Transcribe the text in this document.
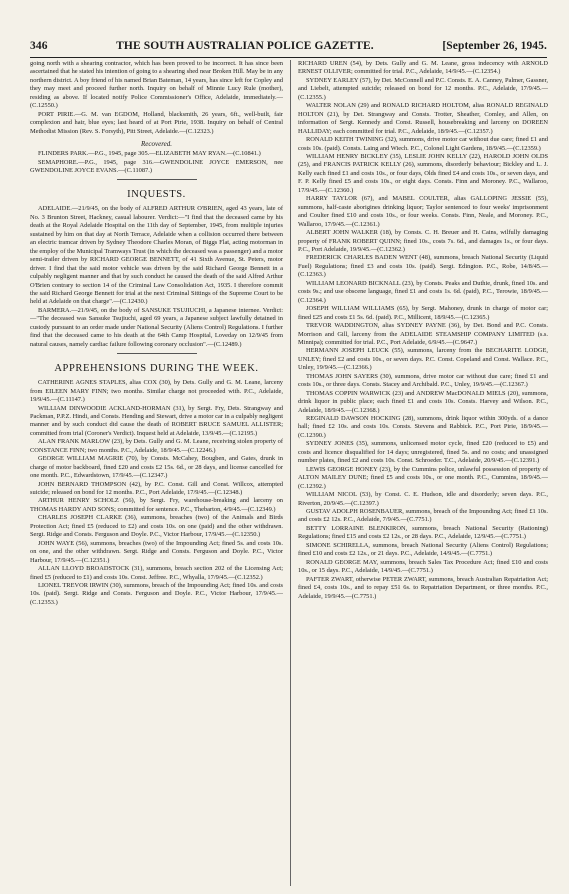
346	THE SOUTH AUSTRALIAN POLICE GAZETTE.	[September 26, 1945.

going north with a shearing contractor, which has been proved to be incorrect. It has since been ascertained that he stated his intention of going to a shearing shed near Broken Hill. May be in any northern district. A boy friend of his named Brian Bateman, 14 years, has since left for Copley and they may meet and proceed further north. Inquiry on behalf of Minnie Lucy Rule (mother), residing as above. If located notify Police Commissioner's Office, Adelaide, immediately.—(C.12550.)

PORT PIRIE.—G. M. van EGDOM, Holland, blacksmith, 26 years, 6ft., well-built, fair complexion and hair, blue eyes; last heard of at Port Pirie, 1938. Inquiry on behalf of Central Methodist Mission (Rev. S. Forsyth), Pitt Street, Adelaide.—(C.12323.)

Recovered.

FLINDERS PARK.—P.G., 1945, page 305.—ELIZABETH MAY RYAN.—(C.10841.)

SEMAPHORE.—P.G., 1945, page 316.—GWENDOLINE JOYCE EMERSON, nee GWENDOLINE JOYCE EVANS.—(C.11087.)

INQUESTS.

ADELAIDE.—21/9/45, on the body of ALFRED ARTHUR O'BRIEN, aged 43 years, late of No. 3 Brunton Street, Hackney, casual labourer. Verdict:—"I find that the deceased came by his death at the Royal Adelaide Hospital on the 11th day of September, 1945, from multiple injuries sustained by him on that day at North Terrace, Adelaide when a collision occurred there between an electric tramcar driven by Sydney Theodore Charles Moran, of Biggs Flat, acting motorman in the employ of the Municipal Tramways Trust (in which the deceased was a passenger) and a motor semi-trailer driven by RICHARD GEORGE BENNETT, of 41 Sixth Avenue, St. Peters, motor driver. I find that the said motor vehicle was driven by the said Richard George Bennett in a culpably negligent manner and that by such conduct he caused the death of the said Alfred Arthur O'Brien contrary to section 14 of the Criminal Law Consolidation Act, 1935. I therefore commit the said Richard George Bennett for trial at the next Criminal Sittings of the Supreme Court to be held at Adelaide on that charge".—(C.12430.)

BARMERA.—21/9/45, on the body of SANSUKE TSUJIUCHI, a Japanese internee. Verdict:—"The deceased was Sansuke Tsujiuchi, aged 69 years, a Japanese subject lawfully detained in custody pursuant to an order made under National Security (Aliens Control) Regulations. I further find that the deceased came to his death at the 64th Camp Hospital, Loveday on 12/9/45 from natural causes, namely cardiac failure following coronary occlusion".—(C.12489.)

APPREHENSIONS DURING THE WEEK.

CATHERINE AGNES STAPLES, alias COX (30), by Dets. Gully and G. M. Leane, larceny from EILEEN MARY FINN; two months. Similar charge not proceeded with. P.C., Adelaide, 19/9/45.—(C.11147.)

WILLIAM DINWOODIE ACKLAND-HORMAN (31), by Sergt. Fry, Dets. Strangway and Packman, P.P.Z. Hindi, and Consts. Hending and Stewart, drive a motor car in a culpably negligent manner and by such conduct did cause the death of ROBERT BRUCE SAMUEL ALLISTER; committed from trial (Coroner's Verdict). Inquest held at Adelaide, 13/9/45.—(C.12195.)

ALAN FRANK MARLOW (23), by Dets. Gully and G. M. Leane, receiving stolen property of CONSTANCE FINN; two months. P.C., Adelaide, 18/9/45.—(C.12246.)

GEORGE WILLIAM MAGRIE (70), by Consts. McCahey, Bougben, and Gates, drunk in charge of motor backboard, fined £20 and costs £2 15s. 6d., or 28 days, and license cancelled for one month. P.C., Edwardstown, 17/9/45.—(C.12347.)

JOHN BERNARD THOMPSON (42), by P.C. Const. Gill and Const. Willcox, attempted suicide; released on bond for 12 months. P.C., Port Adelaide, 17/9/45.—(C.12348.)

ARTHUR HENRY SCHOLZ (56), by Sergt. Fry, warehouse-breaking and larceny on THOMAS HARDY AND SONS; committed for sentence. P.C., Thebarton, 4/9/45.—(C.12349.)

CHARLES JOSEPH CLARKE (36), summons, breaches (two) of the Animals and Birds Protection Act; fined £5 (reduced to £2) and costs 10s. on one (paid) and the other withdrawn. Sergt. Ridge and Consts. Ferguson and Doyle. P.C., Victor Harbour, 17/9/45.—(C.12350.)

JOHN WAYE (56), summons, breaches (two) of the Impounding Act; fined 5s. and costs 10s. on one, and the other withdrawn. Sergt. Ridge and Consts. Ferguson and Doyle. P.C., Victor Harbour, 17/9/45.—(C.12351.)

ALLAN LLOYD BROADSTOCK (31), summons, breach section 202 of the Licensing Act; fined £5 (reduced to £1) and costs 10s. Const. Jeffree. P.C., Whyalla, 17/9/45.—(C.12352.)

LIONEL TREVOR IRWIN (30), summons, breach of the Impounding Act; fined 10s. and costs 10s. (paid). Sergt. Ridge and Consts. Ferguson and Doyle. P.C., Victor Harbour, 17/9/45.—(C.12353.)

RICHARD UREN (54), by Dets. Gully and G. M. Leane, gross indecency with ARNOLD ERNEST OLLIVER; committed for trial. P.C., Adelaide, 14/9/45.—(C.12354.)

SYDNEY EARLEY (57), by Det. McConnell and P.C. Consts. E. A. Canney, Palmer, Gassner, and Liebelt, attempted suicide; released on bond for 12 months. P.C., Adelaide, 17/9/45.—(C.12355.)

WALTER NOLAN (29) and RONALD RICHARD HOLTOM, alias RONALD REGINALD HOLTON (21), by Det. Strangway and Consts. Trotter, Sheather, Comley, and Allen, on information of Sergt. Kennedy and Const. Russell, housebreaking and larceny on DOREEN HALLIDAY; each committed for trial. P.C., Adelaide, 18/9/45.—(C.12357.)

RONALD KEITH TWINING (32), summons, drive motor car without due care; fined £1 and costs 10s. (paid). Consts. Laing and Wiech. P.C., Colonel Light Gardens, 18/9/45.—(C.12359.)

WILLIAM HENRY BICKLEY (35), LESLIE JOHN KELLY (22), HAROLD JOHN OLDS (25), and FRANCIS PATRICK KELLY (26), summons, disorderly behaviour; Bickley and L. J. Kelly each fined £1 and costs 10s., or four days, Olds fined £4 and costs 10s., or seven days, and F. P. Kelly fined £5 and costs 10s., or eight days. Consts. Finn and Moroney. P.C., Wallaroo, 17/9/45.—(C.12360.)

HARRY TAYLOR (67), and MABEL COULTER, alias GALLOPING JESSIE (55), summons, half-caste aborigines drinking liquor; Taylor sentenced to four weeks' imprisonment and Coulter fined £10 and costs 10s., or four weeks. Consts. Finn, Neale, and Moroney. P.C., Wallaroo, 17/9/45.—(C.12361.)

ALBERT JOHN WALKER (18), by Consts. C. H. Breuer and H. Cains, wilfully damaging property of FRANK ROBERT QUINN; fined 10s., costs 7s. 6d., and damages 1s., or four days. P.C., Port Adelaide, 19/9/45.—(C.12362.)

FREDERICK CHARLES BADEN WENT (48), summons, breach National Security (Liquid Fuel) Regulations; fined £3 and costs 10s. (paid). Sergt. Edington. P.C., Robe, 14/8/45.—(C.12363.)

WILLIAM LEONARD BICKNALL (23), by Consts. Peaks and Duthie, drunk, fined 10s. and costs 9s.; and use obscene language, fined £1 and costs 1s. 6d. (paid), P.C., Terowie, 18/9/45.—(C.12364.)

JOSEPH WILLIAM WILLIAMS (65), by Sergt. Mahoney, drunk in charge of motor car; fined £25 and costs £1 5s. 6d. (paid). P.C., Millicent, 18/9/45.—(C.12365.)

TREVOR WADDINGTON, alias SYDNEY PAYNE (36), by Det. Bond and P.C. Consts. Morrison and Gill, larceny from the ADELAIDE STEAMSHIP COMPANY LIMITED (s.s. Minnipa); committed for trial. P.C., Port Adelaide, 6/9/45.—(C.9647.)

HERMANN JOSEPH LEUCK (55), summons, larceny from the BECHARITE LODGE, UNLEY; fined £2 and costs 10s., or seven days. P.C. Const. Copeland and Const. Wallace. P.C., Unley, 19/9/45.—(C.12366.)

THOMAS JOHN SAYERS (30), summons, drive motor car without due care; fined £1 and costs 10s., or three days. Consts. Stacey and Archibald. P.C., Unley, 19/9/45.—(C.12367.)

THOMAS COPPIN WARWICK (23) and ANDREW MacDONALD MIELS (20), summons, drink liquor in public place; each fined £1 and costs 10s. Consts. Harvey and Wilson. P.C., Adelaide, 18/9/45.—(C.12368.)

REGINALD DAWSON HOCKING (28), summons, drink liquor within 300yds. of a dance hall; fined £2 10s. and costs 10s. Consts. Stevens and Rabbick. P.C., Port Pirie, 18/9/45.—(C.12390.)

SYDNEY JONES (35), summons, unlicensed motor cycle, fined £20 (reduced to £5) and costs and licence disqualified for 14 days; unregistered, fined 5s. and no costs; and unassigned number plates, fined £2 and costs 10s. Const. Schroeder. T.C., Adelaide, 20/9/45.—(C.12391.)

LEWIS GEORGE HONEY (23), by the Cummins police, unlawful possession of property of ALTON MAILEY DUNE; fined £5 and costs 10s., or one month. P.C., Cummins, 18/9/45.—(C.12392.)

WILLIAM NICOL (53), by Const. C. E. Hudson, idle and disorderly; seven days. P.C., Riverton, 20/9/45.—(C.12397.)

GUSTAV ADOLPH ROSENBAUER, summons, breach of the Impounding Act; fined £1 10s. and costs £2 12s. P.C., Adelaide, 7/9/45.—(C.7751.)

BETTY LORRAINE BLENKIRON, summons, breach National Security (Rationing) Regulations; fined £15 and costs £2 12s., or 28 days. P.C., Adelaide, 12/9/45.—(C.7751.)

SIMONE SCHIRELLA, summons, breach National Security (Aliens Control) Regulations; fined £10 and costs £2 12s., or 21 days. P.C., Adelaide, 14/9/45.—(C.7751.)

RONALD GEORGE MAY, summons, breach Sales Tax Procedure Act; fined £10 and costs 10s., or 15 days. P.C., Adelaide, 14/9/45.—(C.7751.)

PAFTER ZWART, otherwise PETER ZWART, summons, breach Australian Repatriation Act; fined £4, costs 10s., and to repay £51 6s. to Repatriation Department, or three months. P.C., Adelaide, 19/9/45.—(C.7751.)
